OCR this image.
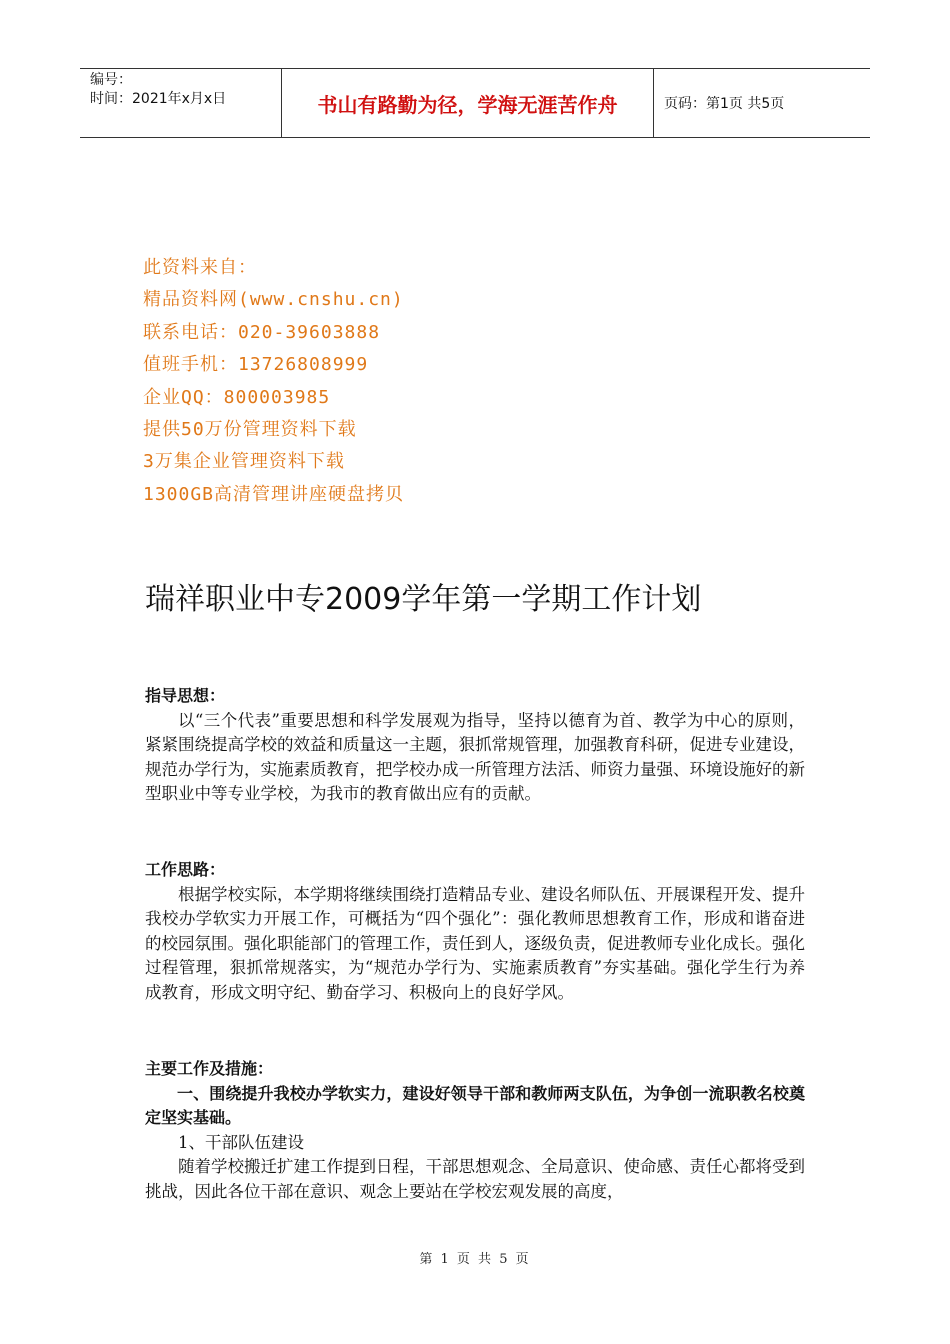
编号：
时间：2021年x月x日	书山有路勤为径，学海无涯苦作舟	页码：第1页 共5页
此资料来自：
精品资料网(www.cnshu.cn)
联系电话：020-39603888
值班手机：13726808999
企业QQ：800003985
提供50万份管理资料下载
3万集企业管理资料下载
1300GB高清管理讲座硬盘拷贝
瑞祥职业中专2009学年第一学期工作计划
指导思想：
以“三个代表”重要思想和科学发展观为指导，坚持以德育为首、教学为中心的原则，紧紧围绕提高学校的效益和质量这一主题，狠抓常规管理，加强教育科研，促进专业建设，规范办学行为，实施素质教育，把学校办成一所管理方法活、师资力量强、环境设施好的新型职业中等专业学校，为我市的教育做出应有的贡献。
工作思路：
根据学校实际，本学期将继续围绕打造精品专业、建设名师队伍、开展课程开发、提升我校办学软实力开展工作，可概括为“四个强化”：强化教师思想教育工作，形成和谐奋进的校园氛围。强化职能部门的管理工作，责任到人，逐级负责，促进教师专业化成长。强化过程管理，狠抓常规落实，为“规范办学行为、实施素质教育”夯实基础。强化学生行为养成教育，形成文明守纪、勤奋学习、积极向上的良好学风。
主要工作及措施：
一、围绕提升我校办学软实力，建设好领导干部和教师两支队伍，为争创一流职教名校奠定坚实基础。
1、干部队伍建设
随着学校搬迁扩建工作提到日程，干部思想观念、全局意识、使命感、责任心都将受到挑战，因此各位干部在意识、观念上要站在学校宏观发展的高度，
第 1 页 共 5 页
